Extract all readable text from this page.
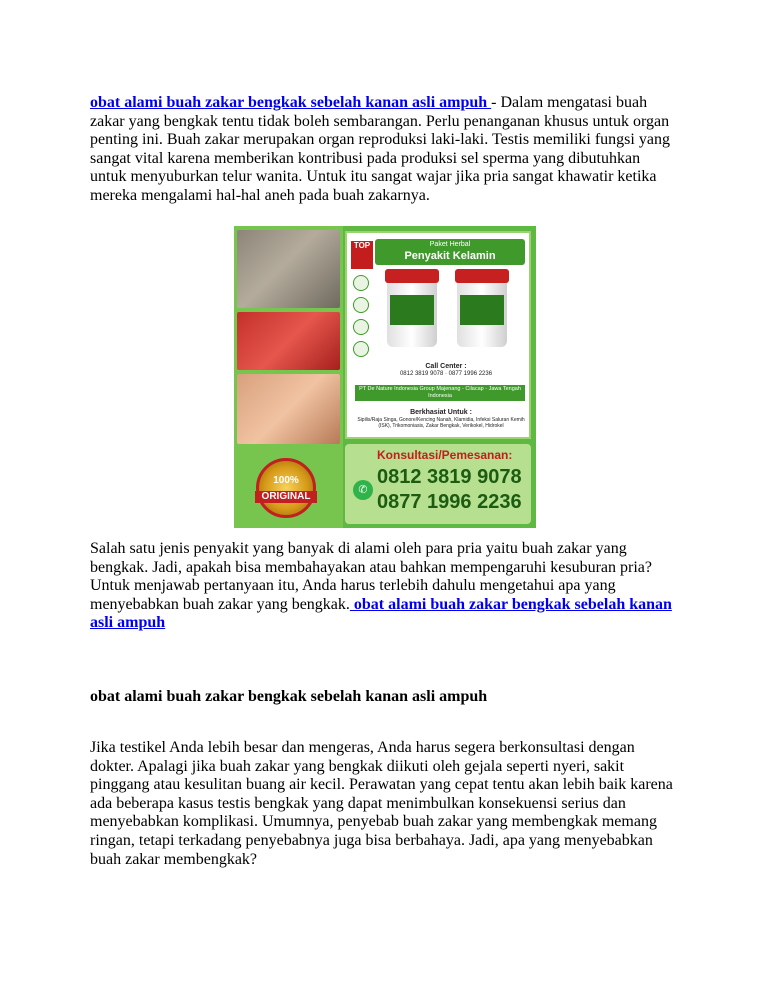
obat alami buah zakar bengkak sebelah kanan asli ampuh - Dalam mengatasi buah zakar yang bengkak tentu tidak boleh sembarangan. Perlu penanganan khusus untuk organ penting ini. Buah zakar merupakan organ reproduksi laki-laki. Testis memiliki fungsi yang sangat vital karena memberikan kontribusi pada produksi sel sperma yang dibutuhkan untuk menyuburkan telur wanita. Untuk itu sangat wajar jika pria sangat khawatir ketika mereka mengalami hal-hal aneh pada buah zakarnya.

100%
ORIGINAL
TOP	Paket Herbal
Penyakit Kelamin
Call Center :
0812 3819 9078 · 0877 1996 2236
PT De Nature Indonesia Group Majenang - Cilacap - Jawa Tengah Indonesia
Berkhasiat Untuk :
Sipilis/Raja Singa, Gonore/Kencing Nanah, Klamidia, Infeksi Saluran Kemih (ISK), Trikomoniasis, Zakar Bengkak, Verikokel, Hidrokel
✆
Konsultasi/Pemesanan:
0812 3819 9078
0877 1996 2236

Salah satu jenis penyakit yang banyak di alami oleh para pria yaitu buah zakar yang bengkak. Jadi, apakah bisa membahayakan atau bahkan mempengaruhi kesuburan pria? Untuk menjawab pertanyaan itu, Anda harus terlebih dahulu mengetahui apa yang menyebabkan buah zakar yang bengkak. obat alami buah zakar bengkak sebelah kanan asli ampuh

obat alami buah zakar bengkak sebelah kanan asli ampuh

Jika testikel Anda lebih besar dan mengeras, Anda harus segera berkonsultasi dengan dokter. Apalagi jika buah zakar yang bengkak diikuti oleh gejala seperti nyeri, sakit pinggang atau kesulitan buang air kecil. Perawatan yang cepat tentu akan lebih baik karena ada beberapa kasus testis bengkak yang dapat menimbulkan konsekuensi serius dan menyebabkan komplikasi. Umumnya, penyebab buah zakar yang membengkak memang ringan, tetapi terkadang penyebabnya juga bisa berbahaya. Jadi, apa yang menyebabkan buah zakar membengkak?
